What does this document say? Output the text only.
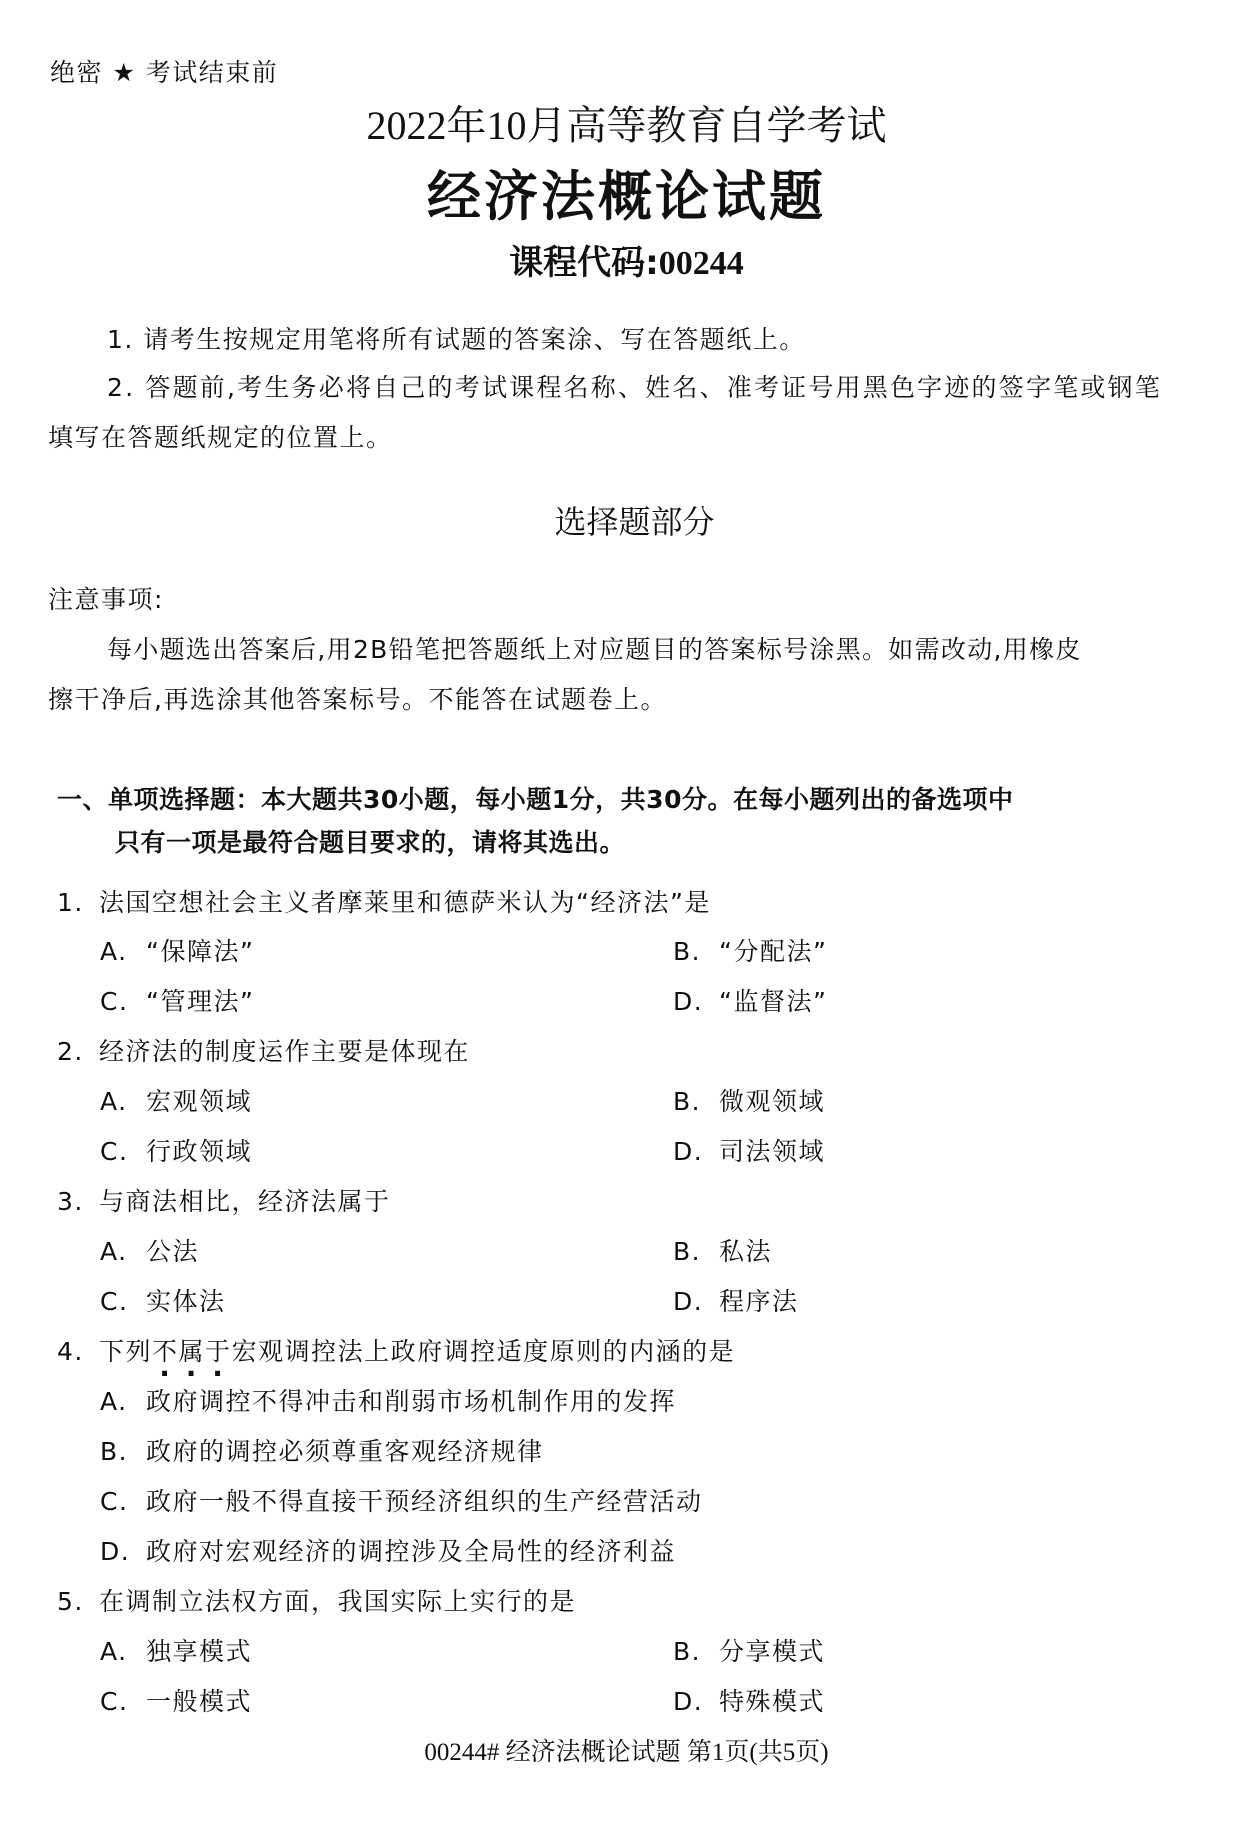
绝密 ★ 考试结束前
2022年10月高等教育自学考试
经济法概论试题
课程代码:00244
1. 请考生按规定用笔将所有试题的答案涂、写在答题纸上。
2. 答题前,考生务必将自己的考试课程名称、姓名、准考证号用黑色字迹的签字笔或钢笔
填写在答题纸规定的位置上。
选择题部分
注意事项:
每小题选出答案后,用2B铅笔把答题纸上对应题目的答案标号涂黑。如需改动,用橡皮
擦干净后,再选涂其他答案标号。不能答在试题卷上。
一、单项选择题：本大题共30小题，每小题1分，共30分。在每小题列出的备选项中
只有一项是最符合题目要求的，请将其选出。
1. 法国空想社会主义者摩莱里和德萨米认为“经济法”是
A. “保障法”	B. “分配法”
C. “管理法”	D. “监督法”
2. 经济法的制度运作主要是体现在
A. 宏观领域	B. 微观领域
C. 行政领域	D. 司法领域
3. 与商法相比，经济法属于
A. 公法	B. 私法
C. 实体法	D. 程序法
4. 下列不属于宏观调控法上政府调控适度原则的内涵的是
A. 政府调控不得冲击和削弱市场机制作用的发挥
B. 政府的调控必须尊重客观经济规律
C. 政府一般不得直接干预经济组织的生产经营活动
D. 政府对宏观经济的调控涉及全局性的经济利益
5. 在调制立法权方面，我国实际上实行的是
A. 独享模式	B. 分享模式
C. 一般模式	D. 特殊模式
00244# 经济法概论试题 第1页(共5页)
